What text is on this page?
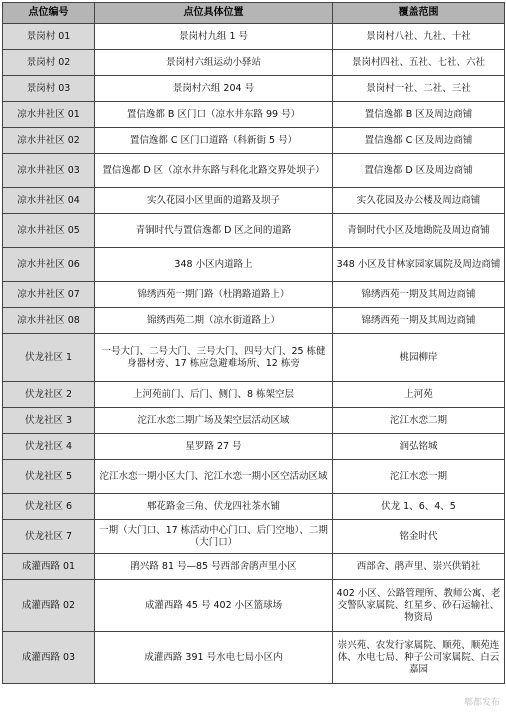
点位编号	点位具体位置	覆盖范围
景岗村 01	景岗村九组 1 号	景岗村八社、九社、十社
景岗村 02	景岗村六组运动小驿站	景岗村四社、五社、七社、六社
景岗村 03	景岗村六组 204 号	景岗村一社、二社、三社
凉水井社区 01	置信逸都 B 区门口（凉水井东路 99 号）	置信逸都 B 区及周边商铺
凉水井社区 02	置信逸都 C 区门口道路（科新街 5 号）	置信逸都 C 区及周边商铺
凉水井社区 03	置信逸都 D 区（凉水井东路与科化北路交界处坝子）	置信逸都 D 区及周边商铺
凉水井社区 04	实久花园小区里面的道路及坝子	实久花园及办公楼及周边商铺
凉水井社区 05	青铜时代与置信逸都 D 区之间的道路	青铜时代小区及地勘院及周边商铺
凉水井社区 06	348 小区内道路上	348 小区及甘林家园家属院及周边商铺
凉水井社区 07	锦绣西苑一期门路（杜鹃路道路上）	锦绣西苑一期及其周边商铺
凉水井社区 08	锦绣西苑二期（凉水街道路上）	锦绣西苑一期及其周边商铺
伏龙社区 1	一号大门、二号大门、三号大门、四号大门、25 栋健身器材旁、17 栋应急避难场所、12 栋旁	桃园柳岸
伏龙社区 2	上河苑前门、后门、侧门、8 栋架空层	上河苑
伏龙社区 3	沱江水恋二期广场及架空层活动区域	沱江水恋二期
伏龙社区 4	星罗路 27 号	润弘铭城
伏龙社区 5	沱江水恋一期小区大门、沱江水恋一期小区空活动区域	沱江水恋一期
伏龙社区 6	郫花路金三角、伏龙四社茶水铺	伏龙 1、6、4、5
伏龙社区 7	一期（大门口、17 栋活动中心门口、后门空地）、二期（大门口）	铭金时代
成灌西路 01	鹃兴路 81 号—85 号西部舍鹃声里小区	西部舍、鹃声里、崇兴供销社
成灌西路 02	成灌西路 45 号 402 小区篮球场	402 小区、公路管理所、教师公寓、老交警队家属院、红星乡、砂石运输社、物资局
成灌西路 03	成灌西路 391 号水电七局小区内	崇兴苑、农发行家属院、顺苑、顺苑连体、水电七局、种子公司家属院、白云嘉园
郫都发布
